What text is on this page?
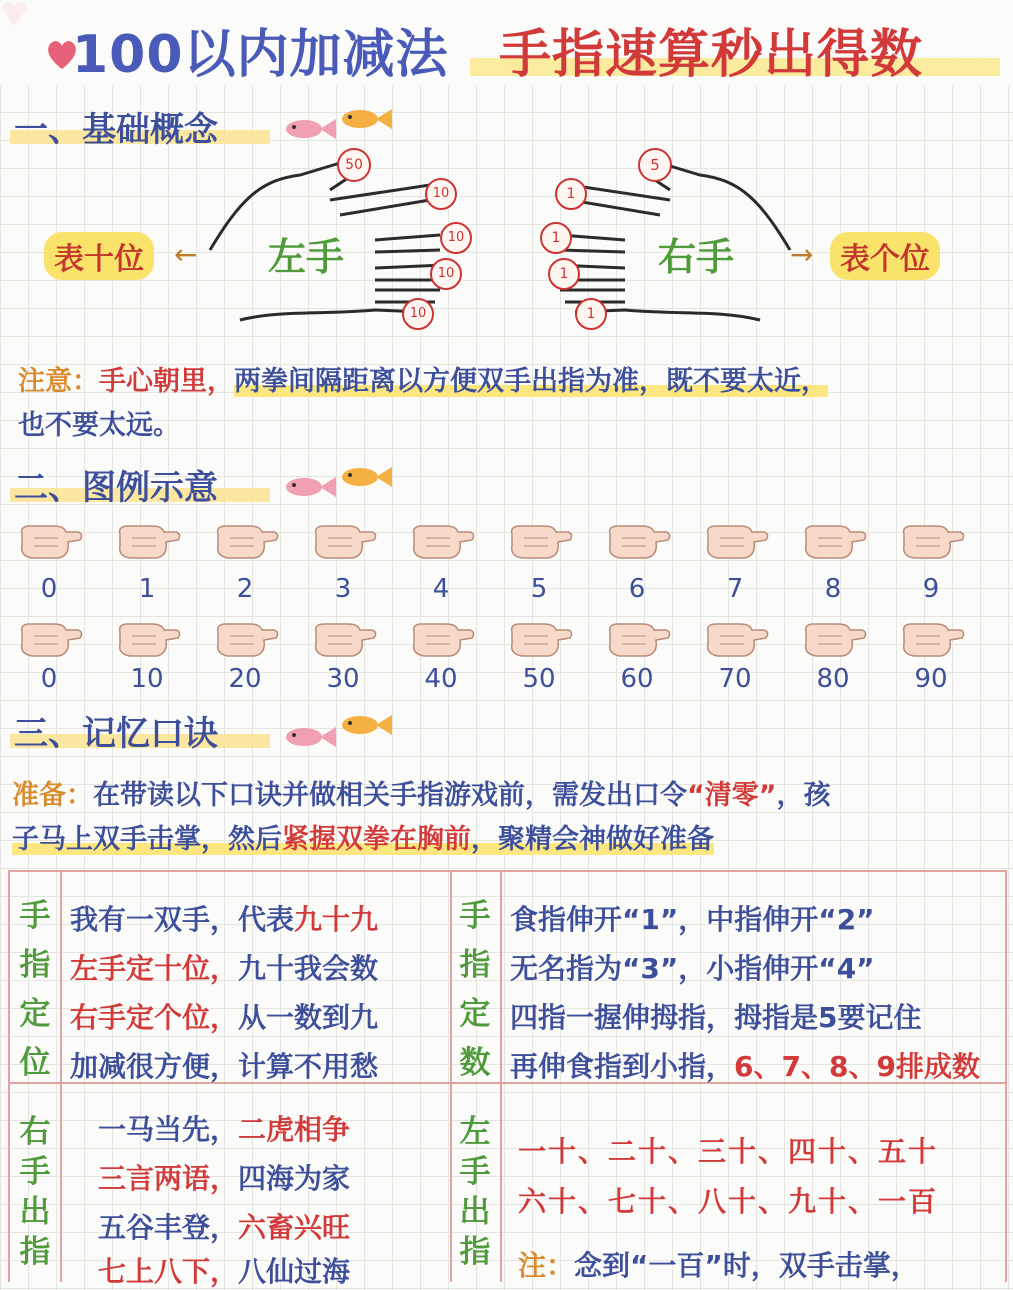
100以内加减法 手指速算秒出得数
一、基础概念
表十位	← 左手	右手 → 表个位
50
10
10
10
10
5
1
1
1
1
注意：手心朝里，两拳间隔距离以方便双手出指为准，既不要太近，
也不要太远。
二、图例示意
0	1	2	3	4	5	6	7	8	9
0	10	20	30	40	50	60	70	80	90
三、记忆口诀
准备：在带读以下口诀并做相关手指游戏前，需发出口令“清零”，孩
子马上双手击掌，然后紧握双拳在胸前，聚精会神做好准备
手
指
定
位
我有一双手，代表九十九
左手定十位，九十我会数
右手定个位，从一数到九
加减很方便，计算不用愁
手
指
定
数
食指伸开“1”，中指伸开“2”
无名指为“3”，小指伸开“4”
四指一握伸拇指，拇指是5要记住
再伸食指到小指，6、7、8、9排成数
右
手
出
指
一马当先，二虎相争
三言两语，四海为家
五谷丰登，六畜兴旺
七上八下，八仙过海
左
手
出
指
一十、二十、三十、四十、五十
六十、七十、八十、九十、一百
注：念到“一百”时，双手击掌，
